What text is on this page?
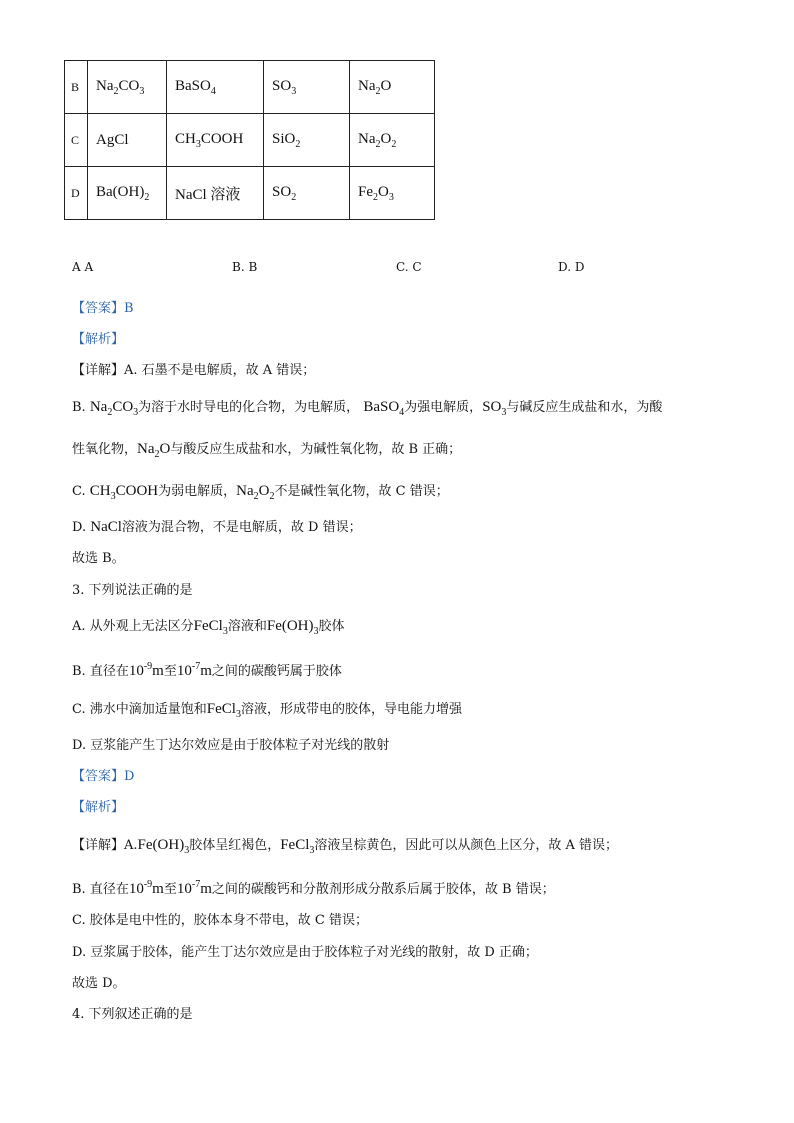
B	$Na_2CO_3$	BaSO$_4$	$SO_3$	$Na_2O$
C	AgCl	$CH_3COOH$	SiO$_2$	$Na_2O_2$
D	$Ba(OH)_2$	NaCl 溶液	$SO_2$	$Fe_2O_3$
A A	B. B	C. C	D. D
【答案】B
【解析】
【详解】A. 石墨不是电解质，故 A 错误；
B. $Na_2CO_3$为溶于水时导电的化合物，为电解质， BaSO$_4$为强电解质，$SO_3$与碱反应生成盐和水，为酸
性氧化物，$Na_2O$与酸反应生成盐和水，为碱性氧化物，故 B 正确；
C. $CH_3COOH$为弱电解质，$Na_2O_2$不是碱性氧化物，故 C 错误；
D. NaCl溶液为混合物，不是电解质，故 D 错误；
故选 B。
3. 下列说法正确的是
A. 从外观上无法区分FeCl$_3$溶液和$Fe(OH)_3$胶体
B. 直径在$10^{-9}m$至$10^{-7}m$之间的碳酸钙属于胶体
C. 沸水中滴加适量饱和FeCl$_3$溶液，形成带电的胶体，导电能力增强
D. 豆浆能产生丁达尔效应是由于胶体粒子对光线的散射
【答案】D
【解析】
【详解】$A.Fe(OH)_3$胶体呈红褐色，FeCl$_3$溶液呈棕黄色，因此可以从颜色上区分，故 A 错误；
B. 直径在$10^{-9}m$至$10^{-7}m$之间的碳酸钙和分散剂形成分散系后属于胶体，故 B 错误；
C. 胶体是电中性的，胶体本身不带电，故 C 错误；
D. 豆浆属于胶体，能产生丁达尔效应是由于胶体粒子对光线的散射，故 D 正确；
故选 D。
4. 下列叙述正确的是
